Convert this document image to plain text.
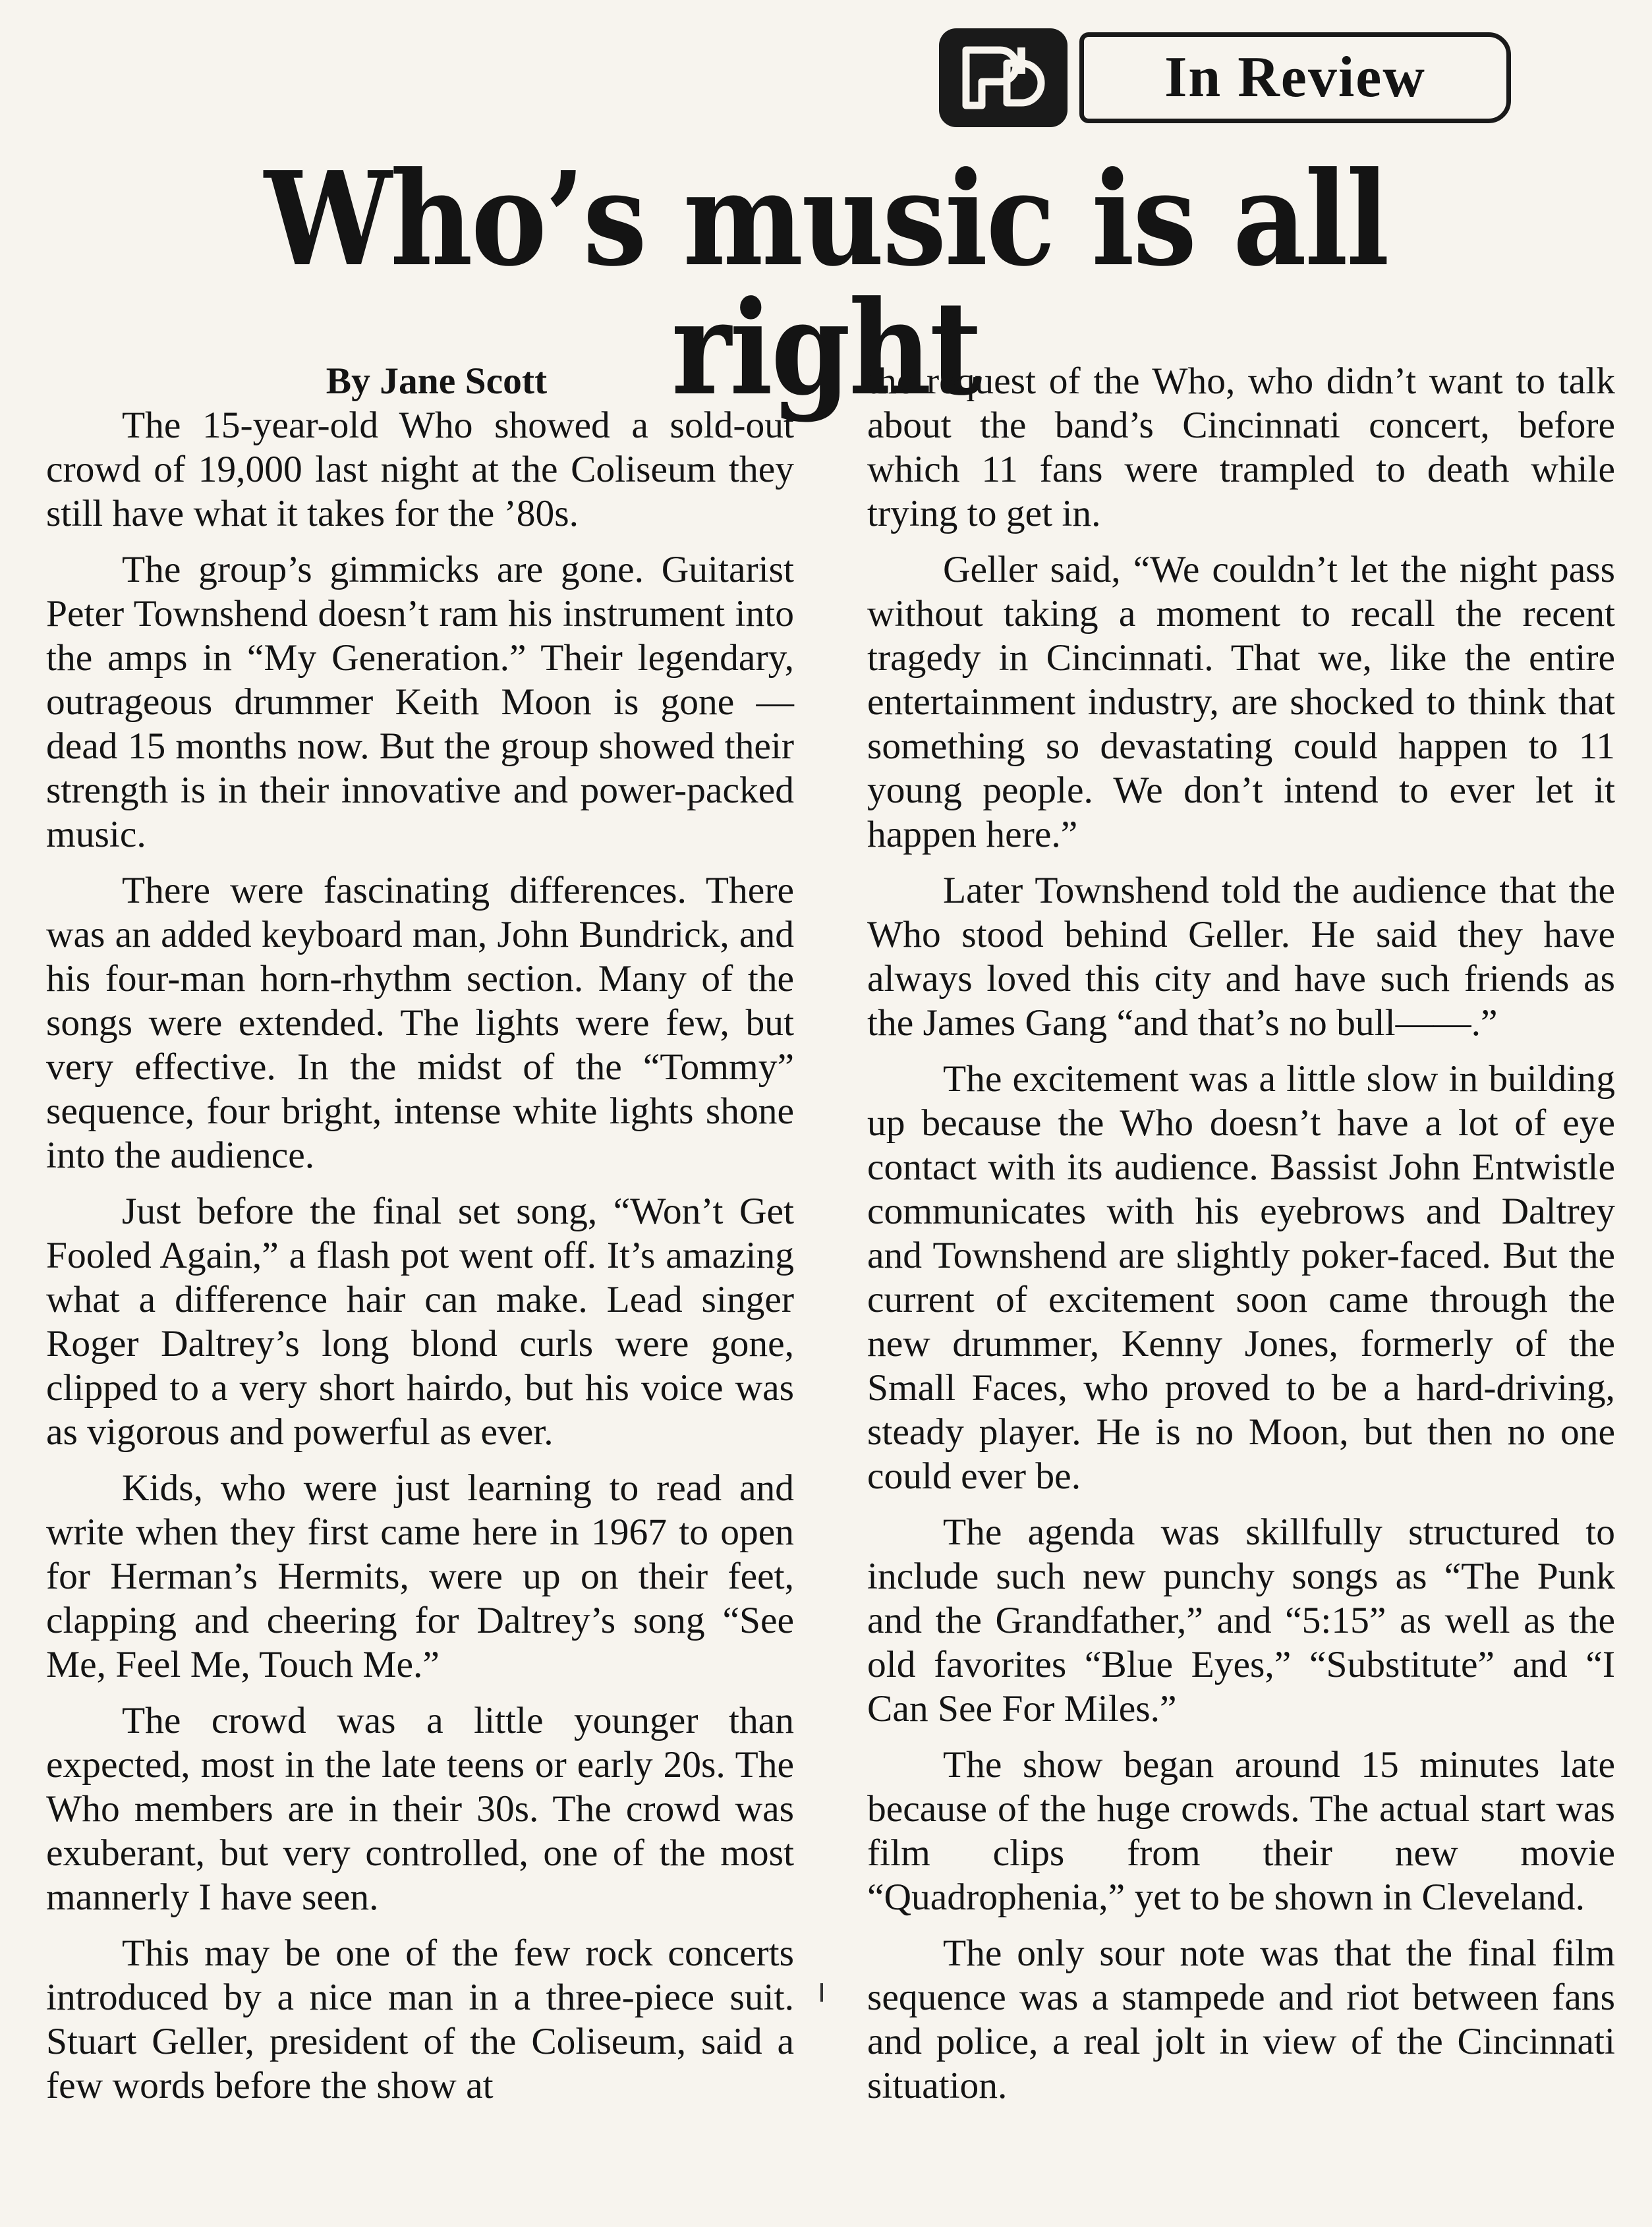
In Review
Who’s music is all right
By Jane Scott

The 15-year-old Who showed a sold-out crowd of 19,000 last night at the Coliseum they still have what it takes for the ’80s.

The group’s gimmicks are gone. Guitarist Peter Townshend doesn’t ram his instrument into the amps in “My Generation.” Their legendary, outrageous drummer Keith Moon is gone — dead 15 months now. But the group showed their strength is in their innovative and power-packed music.

There were fascinating differences. There was an added keyboard man, John Bundrick, and his four-man horn-rhythm section. Many of the songs were extended. The lights were few, but very effective. In the midst of the “Tommy” sequence, four bright, intense white lights shone into the audience.

Just before the final set song, “Won’t Get Fooled Again,” a flash pot went off. It’s amazing what a difference hair can make. Lead singer Roger Daltrey’s long blond curls were gone, clipped to a very short hairdo, but his voice was as vigorous and powerful as ever.

Kids, who were just learning to read and write when they first came here in 1967 to open for Herman’s Hermits, were up on their feet, clapping and cheering for Daltrey’s song “See Me, Feel Me, Touch Me.”

The crowd was a little younger than expected, most in the late teens or early 20s. The Who members are in their 30s. The crowd was exuberant, but very controlled, one of the most mannerly I have seen.

This may be one of the few rock concerts introduced by a nice man in a three-piece suit. Stuart Geller, president of the Coliseum, said a few words before the show at

the request of the Who, who didn’t want to talk about the band’s Cincinnati concert, before which 11 fans were trampled to death while trying to get in.

Geller said, “We couldn’t let the night pass without taking a moment to recall the recent tragedy in Cincinnati. That we, like the entire entertainment industry, are shocked to think that something so devastating could happen to 11 young people. We don’t intend to ever let it happen here.”

Later Townshend told the audience that the Who stood behind Geller. He said they have always loved this city and have such friends as the James Gang “and that’s no bull——.”

The excitement was a little slow in building up because the Who doesn’t have a lot of eye contact with its audience. Bassist John Entwistle communicates with his eyebrows and Daltrey and Townshend are slightly poker-faced. But the current of excitement soon came through the new drummer, Kenny Jones, formerly of the Small Faces, who proved to be a hard-driving, steady player. He is no Moon, but then no one could ever be.

The agenda was skillfully structured to include such new punchy songs as “The Punk and the Grandfather,” and “5:15” as well as the old favorites “Blue Eyes,” “Substitute” and “I Can See For Miles.”

The show began around 15 minutes late because of the huge crowds. The actual start was film clips from their new movie “Quadrophenia,” yet to be shown in Cleveland.

The only sour note was that the final film sequence was a stampede and riot between fans and police, a real jolt in view of the Cincinnati situation.
